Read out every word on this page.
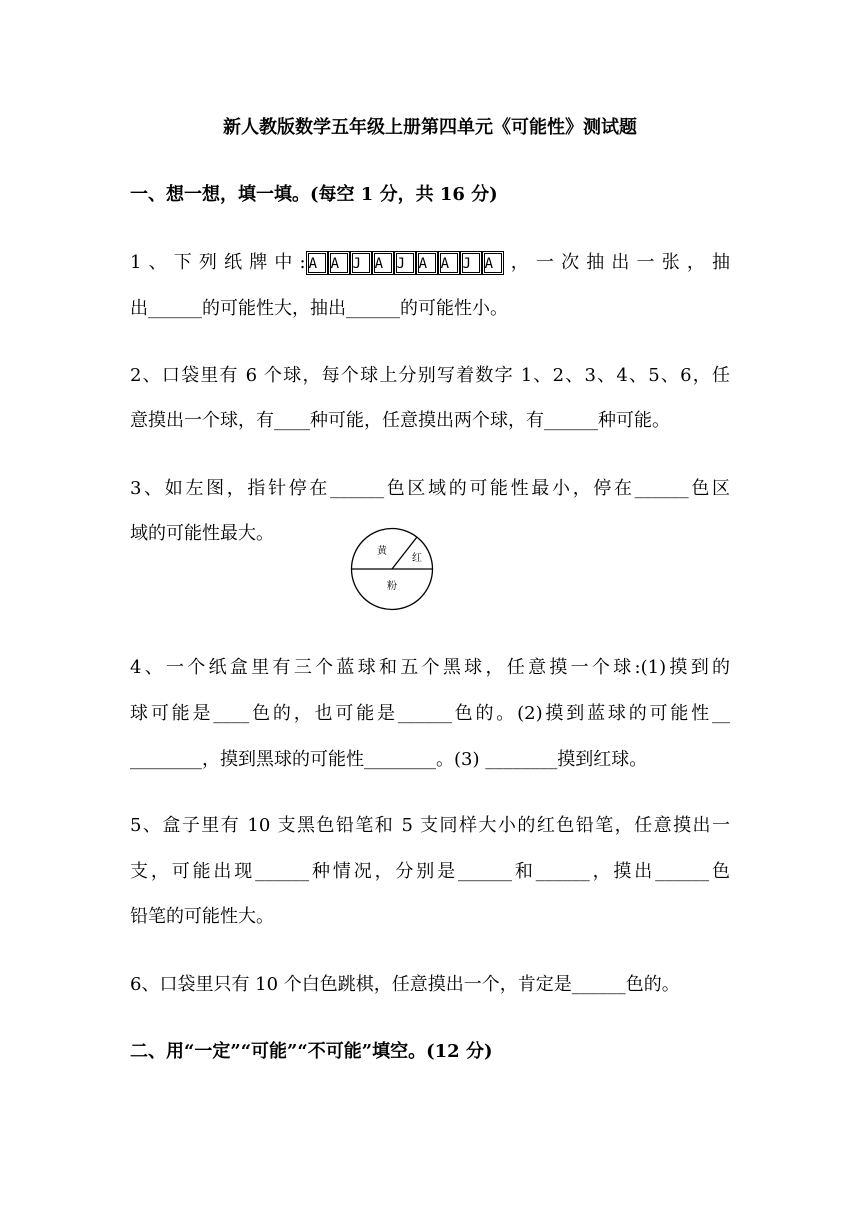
新人教版数学五年级上册第四单元《可能性》测试题
一、想一想，填一填。(每空 1 分，共 16 分)
1、下列纸牌中: A A J A J A A J A ，一次抽出一张，抽
出______的可能性大，抽出______的可能性小。
2、口袋里有 6 个球，每个球上分别写着数字 1、2、3、4、5、6，任
意摸出一个球，有____种可能，任意摸出两个球，有______种可能。
3、如左图，指针停在______色区域的可能性最小，停在______色区
域的可能性最大。
黄
红
粉
4、一个纸盒里有三个蓝球和五个黑球，任意摸一个球:(1)摸到的
球可能是____色的，也可能是______色的。(2)摸到蓝球的可能性__
________，摸到黑球的可能性________。(3) ________摸到红球。
5、盒子里有 10 支黑色铅笔和 5 支同样大小的红色铅笔，任意摸出一
支，可能出现______种情况，分别是______和______，摸出______色
铅笔的可能性大。
6、口袋里只有 10 个白色跳棋，任意摸出一个，肯定是______色的。
二、用“一定”“可能”“不可能”填空。(12 分)
